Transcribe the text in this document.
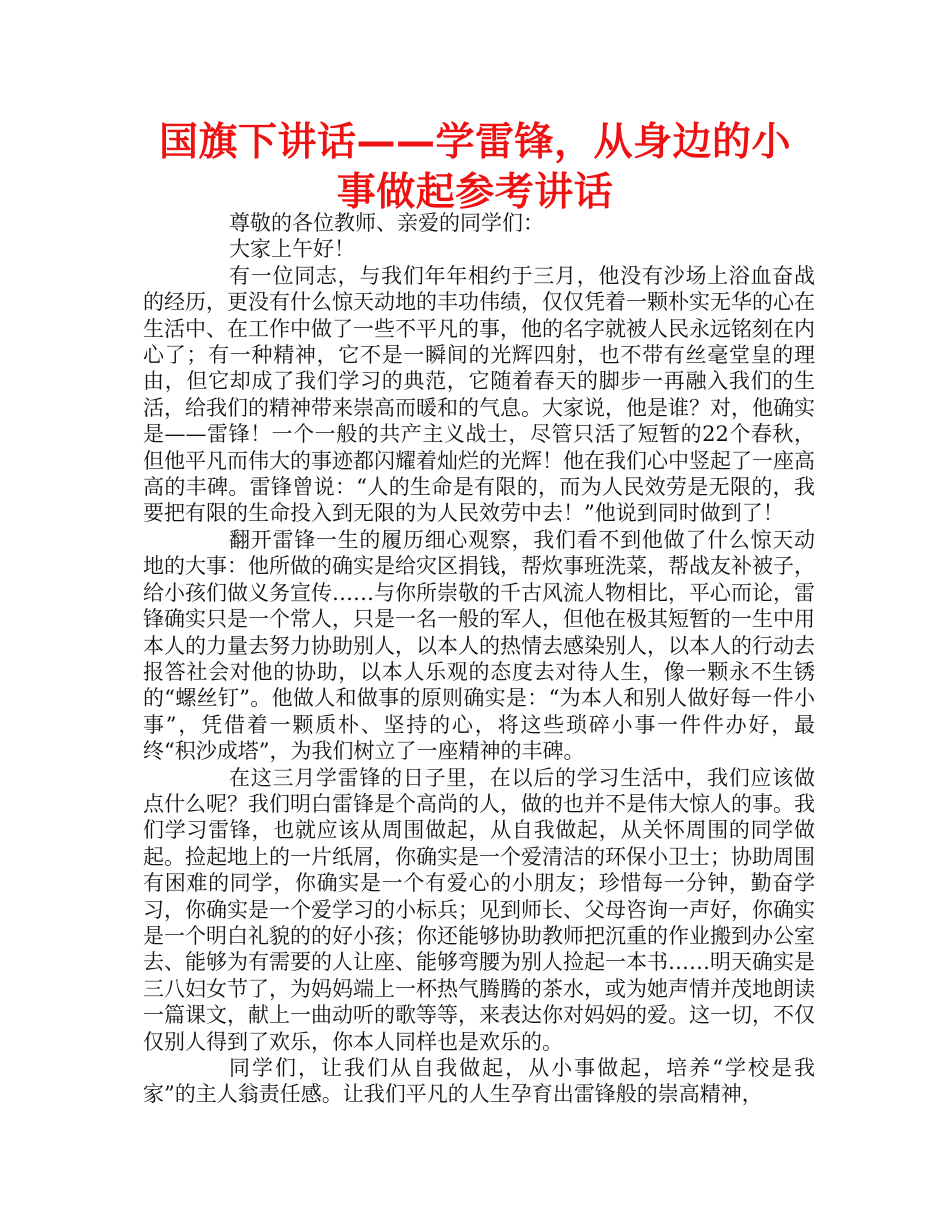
国旗下讲话——学雷锋，从身边的小事做起参考讲话

尊敬的各位教师、亲爱的同学们：

大家上午好！

有一位同志，与我们年年相约于三月，他没有沙场上浴血奋战的经历，更没有什么惊天动地的丰功伟绩，仅仅凭着一颗朴实无华的心在生活中、在工作中做了一些不平凡的事，他的名字就被人民永远铭刻在内心了；有一种精神，它不是一瞬间的光辉四射，也不带有丝毫堂皇的理由，但它却成了我们学习的典范，它随着春天的脚步一再融入我们的生活，给我们的精神带来崇高而暖和的气息。大家说，他是谁？对，他确实是——雷锋！一个一般的共产主义战士，尽管只活了短暂的22个春秋，但他平凡而伟大的事迹都闪耀着灿烂的光辉！他在我们心中竖起了一座高高的丰碑。雷锋曾说：“人的生命是有限的，而为人民效劳是无限的，我要把有限的生命投入到无限的为人民效劳中去！”他说到同时做到了！

翻开雷锋一生的履历细心观察，我们看不到他做了什么惊天动地的大事：他所做的确实是给灾区捐钱，帮炊事班洗菜，帮战友补被子，给小孩们做义务宣传……与你所崇敬的千古风流人物相比，平心而论，雷锋确实只是一个常人，只是一名一般的军人，但他在极其短暂的一生中用本人的力量去努力协助别人，以本人的热情去感染别人，以本人的行动去报答社会对他的协助，以本人乐观的态度去对待人生，像一颗永不生锈的“螺丝钉”。他做人和做事的原则确实是：“为本人和别人做好每一件小事”，凭借着一颗质朴、坚持的心，将这些琐碎小事一件件办好，最终“积沙成塔”，为我们树立了一座精神的丰碑。

在这三月学雷锋的日子里，在以后的学习生活中，我们应该做点什么呢？我们明白雷锋是个高尚的人，做的也并不是伟大惊人的事。我们学习雷锋，也就应该从周围做起，从自我做起，从关怀周围的同学做起。捡起地上的一片纸屑，你确实是一个爱清洁的环保小卫士；协助周围有困难的同学，你确实是一个有爱心的小朋友；珍惜每一分钟，勤奋学习，你确实是一个爱学习的小标兵；见到师长、父母咨询一声好，你确实是一个明白礼貌的的好小孩；你还能够协助教师把沉重的作业搬到办公室去、能够为有需要的人让座、能够弯腰为别人捡起一本书……明天确实是三八妇女节了，为妈妈端上一杯热气腾腾的茶水，或为她声情并茂地朗读一篇课文，献上一曲动听的歌等等，来表达你对妈妈的爱。这一切，不仅仅别人得到了欢乐，你本人同样也是欢乐的。

同学们，让我们从自我做起，从小事做起，培养“学校是我家”的主人翁责任感。让我们平凡的人生孕育出雷锋般的崇高精神，
